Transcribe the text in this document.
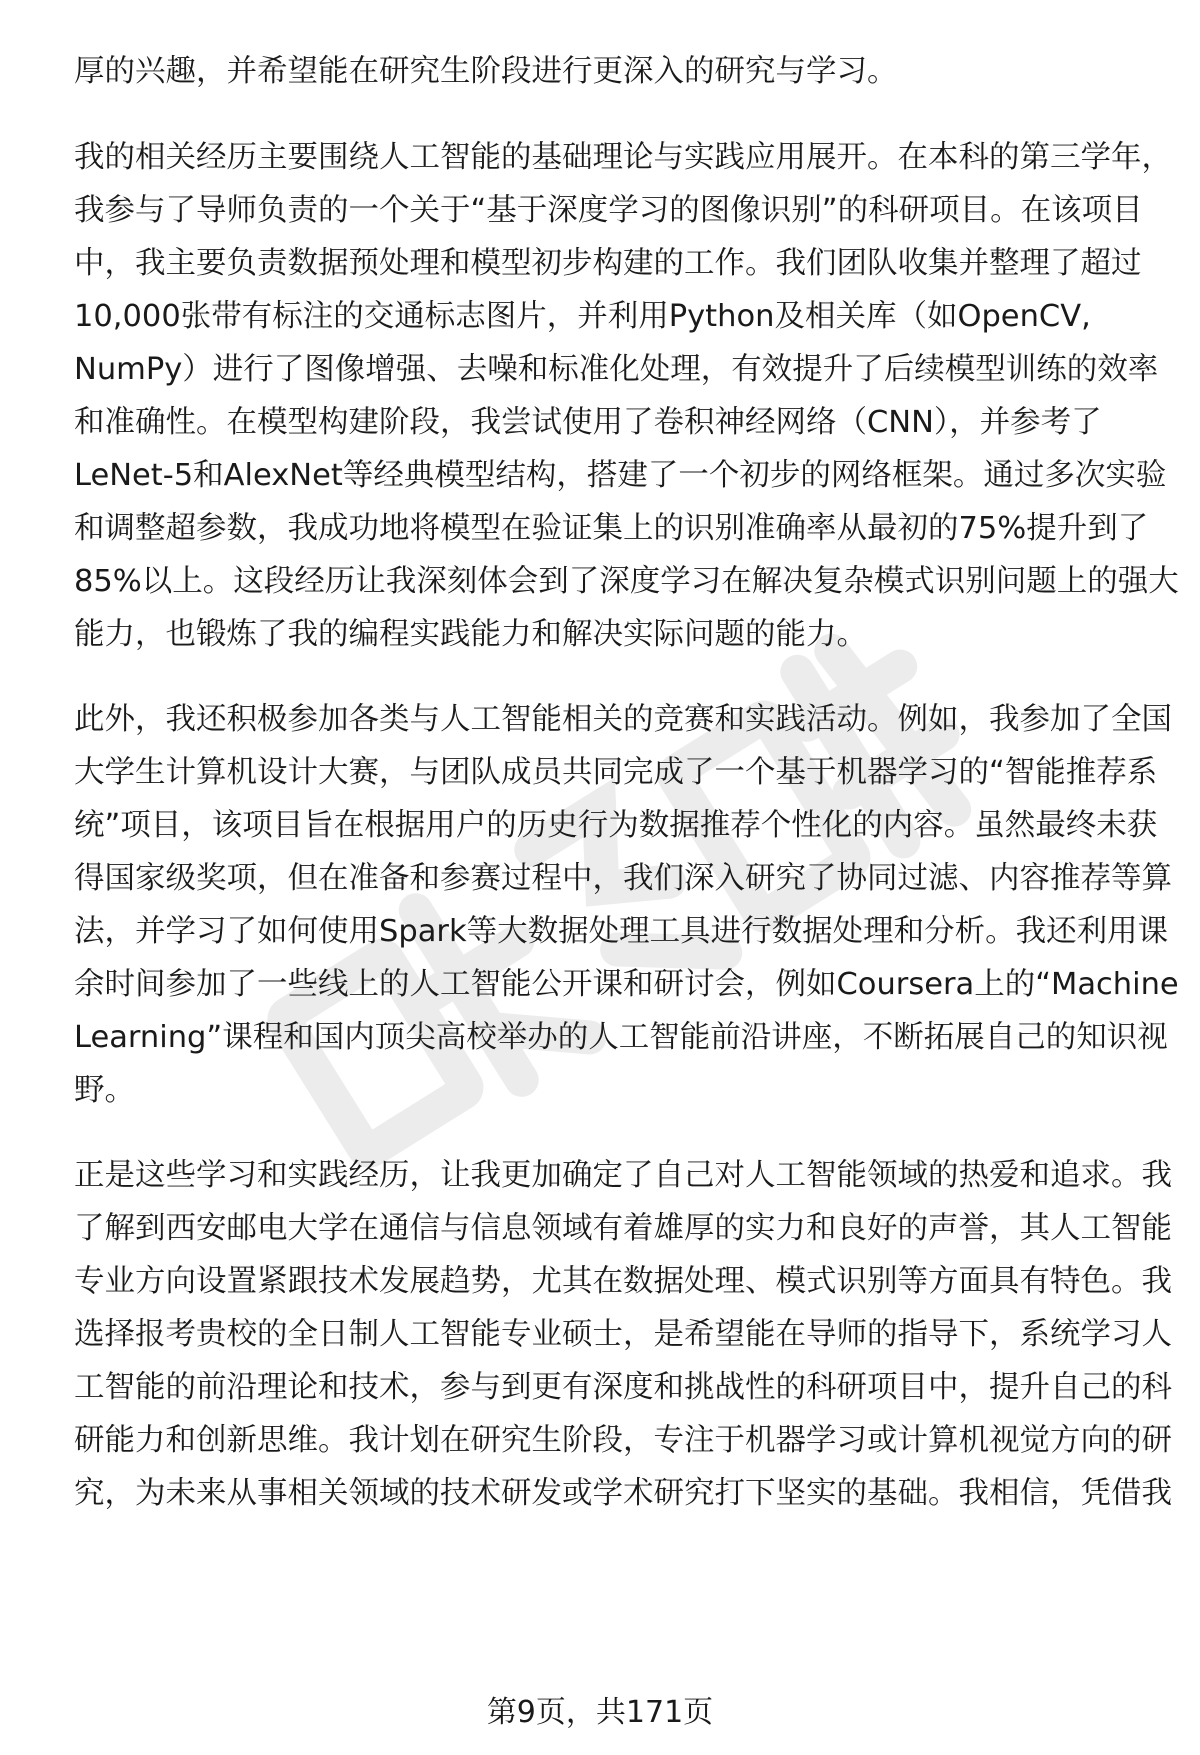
厚的兴趣，并希望能在研究生阶段进行更深入的研究与学习。
我的相关经历主要围绕人工智能的基础理论与实践应用展开。在本科的第三学年，
我参与了导师负责的一个关于“基于深度学习的图像识别”的科研项目。在该项目
中，我主要负责数据预处理和模型初步构建的工作。我们团队收集并整理了超过
10,000张带有标注的交通标志图片，并利用Python及相关库（如OpenCV,
NumPy）进行了图像增强、去噪和标准化处理，有效提升了后续模型训练的效率
和准确性。在模型构建阶段，我尝试使用了卷积神经网络（CNN），并参考了
LeNet-5和AlexNet等经典模型结构，搭建了一个初步的网络框架。通过多次实验
和调整超参数，我成功地将模型在验证集上的识别准确率从最初的75%提升到了
85%以上。这段经历让我深刻体会到了深度学习在解决复杂模式识别问题上的强大
能力，也锻炼了我的编程实践能力和解决实际问题的能力。
此外，我还积极参加各类与人工智能相关的竞赛和实践活动。例如，我参加了全国
大学生计算机设计大赛，与团队成员共同完成了一个基于机器学习的“智能推荐系
统”项目，该项目旨在根据用户的历史行为数据推荐个性化的内容。虽然最终未获
得国家级奖项，但在准备和参赛过程中，我们深入研究了协同过滤、内容推荐等算
法，并学习了如何使用Spark等大数据处理工具进行数据处理和分析。我还利用课
余时间参加了一些线上的人工智能公开课和研讨会，例如Coursera上的“Machine
Learning”课程和国内顶尖高校举办的人工智能前沿讲座，不断拓展自己的知识视
野。
正是这些学习和实践经历，让我更加确定了自己对人工智能领域的热爱和追求。我
了解到西安邮电大学在通信与信息领域有着雄厚的实力和良好的声誉，其人工智能
专业方向设置紧跟技术发展趋势，尤其在数据处理、模式识别等方面具有特色。我
选择报考贵校的全日制人工智能专业硕士，是希望能在导师的指导下，系统学习人
工智能的前沿理论和技术，参与到更有深度和挑战性的科研项目中，提升自己的科
研能力和创新思维。我计划在研究生阶段，专注于机器学习或计算机视觉方向的研
究，为未来从事相关领域的技术研发或学术研究打下坚实的基础。我相信，凭借我
第9页，共171页
